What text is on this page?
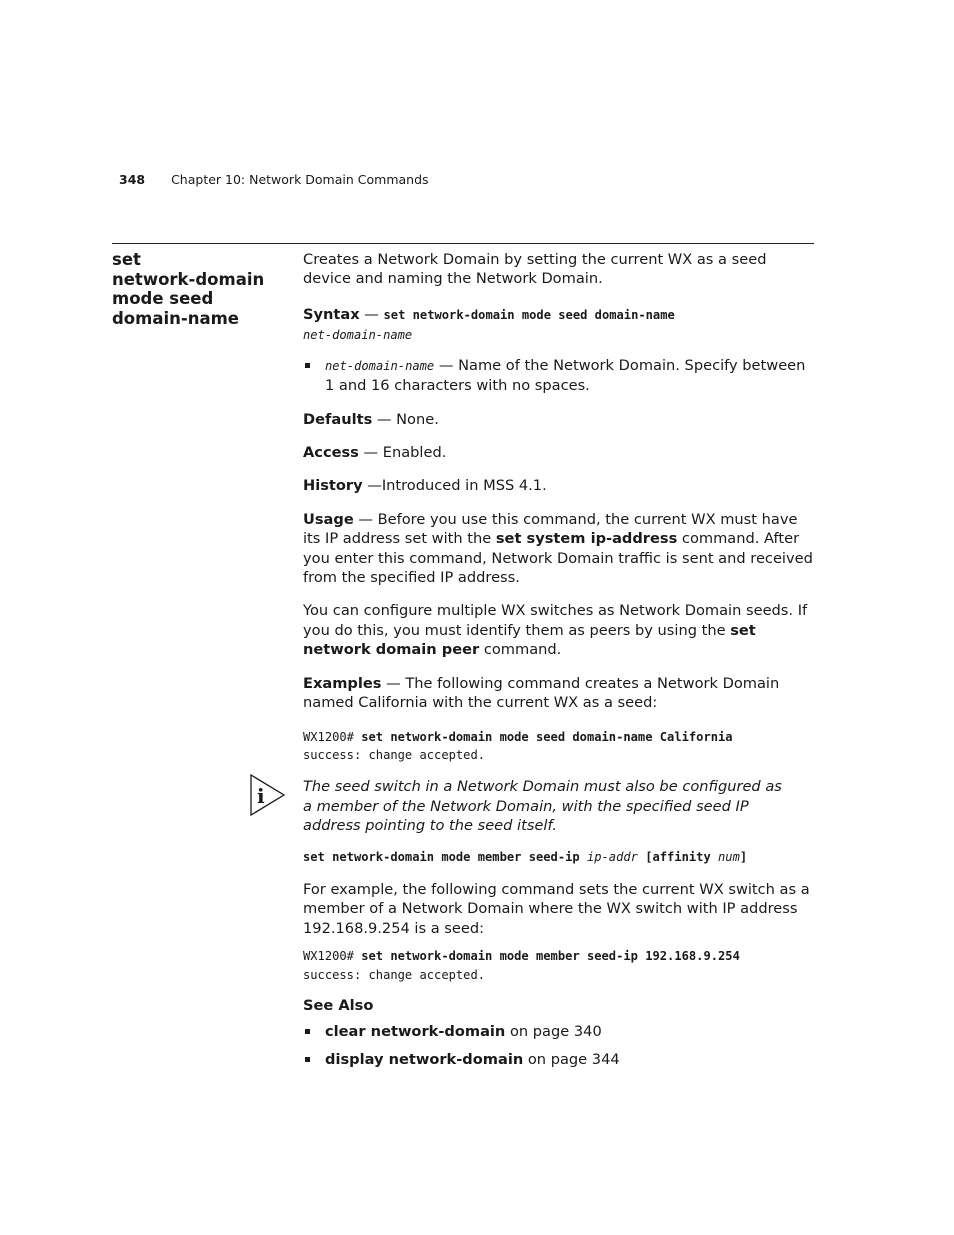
348 Chapter 10: Network Domain Commands
set
network-domain
mode seed
domain-name
i

Creates a Network Domain by setting the current WX as a seed device and naming the Network Domain.

Syntax — set network-domain mode seed domain-name
net-domain-name
net-domain-name — Name of the Network Domain. Specify between 1 and 16 characters with no spaces.

Defaults — None.

Access — Enabled.

History —Introduced in MSS 4.1.

Usage — Before you use this command, the current WX must have its IP address set with the set system ip-address command. After you enter this command, Network Domain traffic is sent and received from the specified IP address.

You can configure multiple WX switches as Network Domain seeds. If you do this, you must identify them as peers by using the set network domain peer command.

Examples — The following command creates a Network Domain named California with the current WX as a seed:

WX1200# set network-domain mode seed domain-name California
success: change accepted.

The seed switch in a Network Domain must also be configured as a member of the Network Domain, with the specified seed IP address pointing to the seed itself.

set network-domain mode member seed-ip ip-addr [affinity num]

For example, the following command sets the current WX switch as a member of a Network Domain where the WX switch with IP address 192.168.9.254 is a seed:

WX1200# set network-domain mode member seed-ip 192.168.9.254
success: change accepted.

See Also

clear network-domain on page 340
display network-domain on page 344
